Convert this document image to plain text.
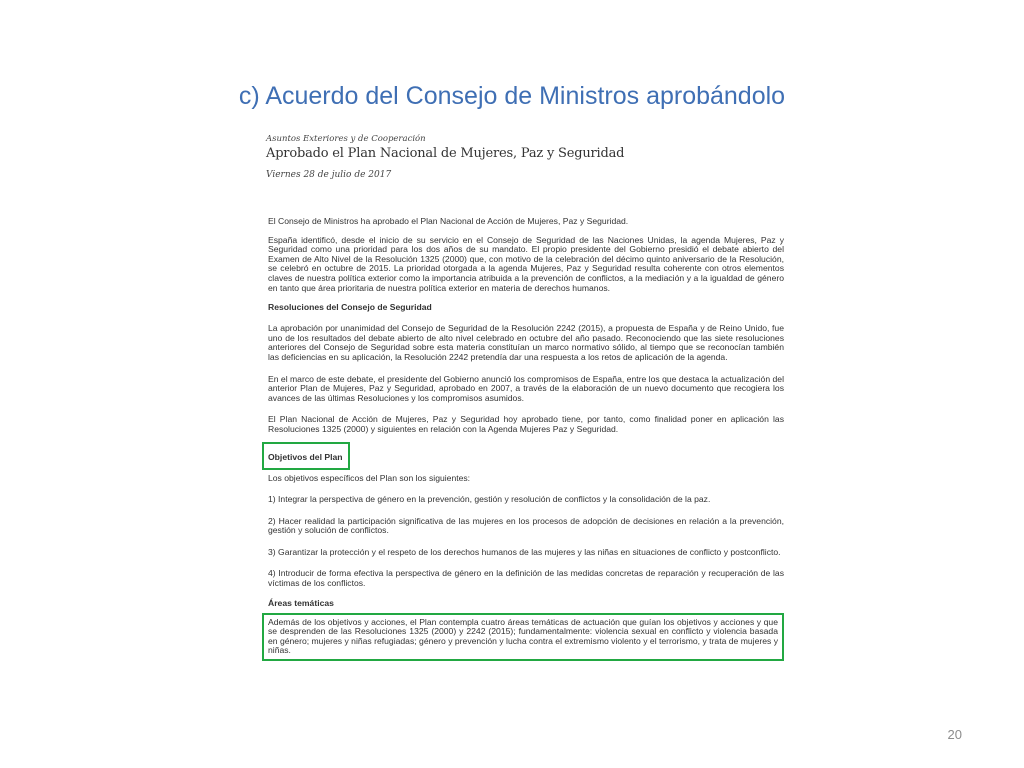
c) Acuerdo del Consejo de Ministros aprobándolo
Asuntos Exteriores y de Cooperación
Aprobado el Plan Nacional de Mujeres, Paz y Seguridad
Viernes 28 de julio de 2017

El Consejo de Ministros ha aprobado el Plan Nacional de Acción de Mujeres, Paz y Seguridad.

España identificó, desde el inicio de su servicio en el Consejo de Seguridad de las Naciones Unidas, la agenda Mujeres, Paz y Seguridad como una prioridad para los dos años de su mandato. El propio presidente del Gobierno presidió el debate abierto del Examen de Alto Nivel de la Resolución 1325 (2000) que, con motivo de la celebración del décimo quinto aniversario de la Resolución, se celebró en octubre de 2015. La prioridad otorgada a la agenda Mujeres, Paz y Seguridad resulta coherente con otros elementos claves de nuestra política exterior como la importancia atribuida a la prevención de conflictos, a la mediación y a la igualdad de género en tanto que área prioritaria de nuestra política exterior en materia de derechos humanos.

Resoluciones del Consejo de Seguridad

La aprobación por unanimidad del Consejo de Seguridad de la Resolución 2242 (2015), a propuesta de España y de Reino Unido, fue uno de los resultados del debate abierto de alto nivel celebrado en octubre del año pasado. Reconociendo que las siete resoluciones anteriores del Consejo de Seguridad sobre esta materia constituían un marco normativo sólido, al tiempo que se reconocían también las deficiencias en su aplicación, la Resolución 2242 pretendía dar una respuesta a los retos de aplicación de la agenda.

En el marco de este debate, el presidente del Gobierno anunció los compromisos de España, entre los que destaca la actualización del anterior Plan de Mujeres, Paz y Seguridad, aprobado en 2007, a través de la elaboración de un nuevo documento que recogiera los avances de las últimas Resoluciones y los compromisos asumidos.

El Plan Nacional de Acción de Mujeres, Paz y Seguridad hoy aprobado tiene, por tanto, como finalidad poner en aplicación las Resoluciones 1325 (2000) y siguientes en relación con la Agenda Mujeres Paz y Seguridad.

Objetivos del Plan

Los objetivos específicos del Plan son los siguientes:

1) Integrar la perspectiva de género en la prevención, gestión y resolución de conflictos y la consolidación de la paz.

2) Hacer realidad la participación significativa de las mujeres en los procesos de adopción de decisiones en relación a la prevención, gestión y solución de conflictos.

3) Garantizar la protección y el respeto de los derechos humanos de las mujeres y las niñas en situaciones de conflicto y postconflicto.

4) Introducir de forma efectiva la perspectiva de género en la definición de las medidas concretas de reparación y recuperación de las víctimas de los conflictos.

Áreas temáticas

Además de los objetivos y acciones, el Plan contempla cuatro áreas temáticas de actuación que guían los objetivos y acciones y que se desprenden de las Resoluciones 1325 (2000) y 2242 (2015); fundamentalmente: violencia sexual en conflicto y violencia basada en género; mujeres y niñas refugiadas; género y prevención y lucha contra el extremismo violento y el terrorismo, y trata de mujeres y niñas.

20
